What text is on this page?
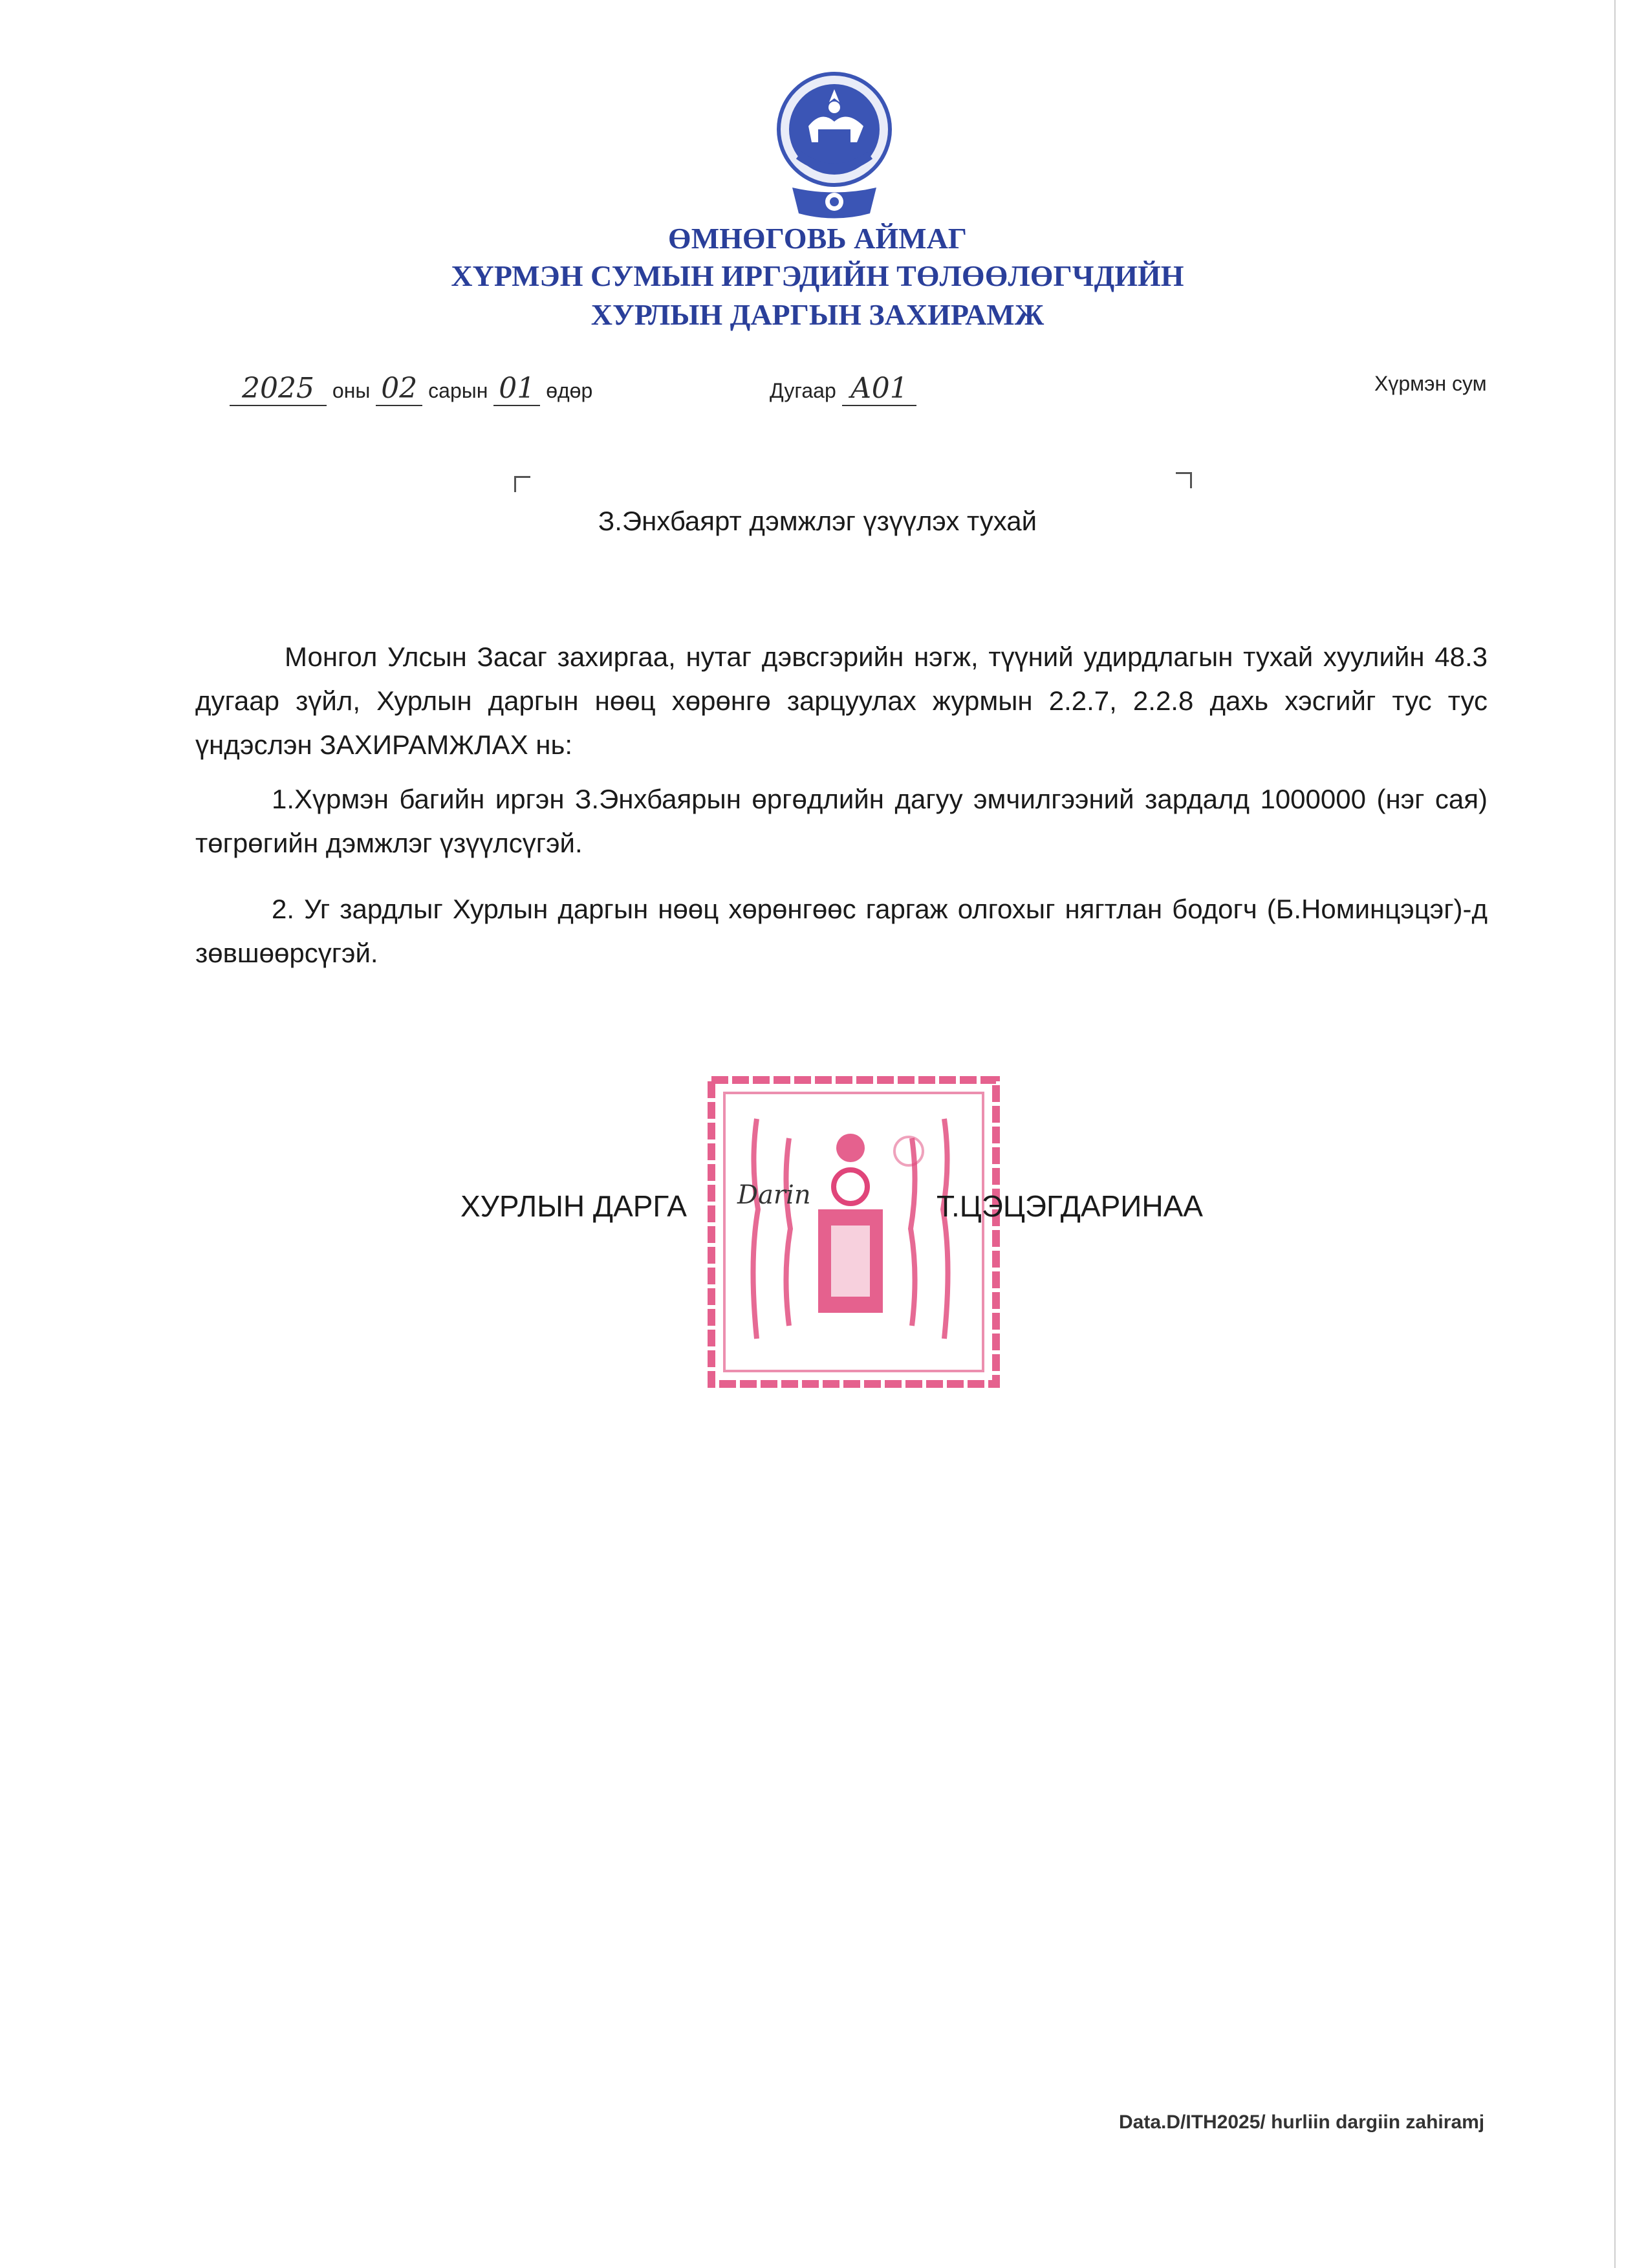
ӨМНӨГОВЬ АЙМАГ
ХҮРМЭН СУМЫН ИРГЭДИЙН ТӨЛӨӨЛӨГЧДИЙН
ХУРЛЫН ДАРГЫН ЗАХИРАМЖ
2025 оны 02 сарын 01 өдөр	Дугаар А01	Хүрмэн сум
З.Энхбаярт дэмжлэг үзүүлэх тухай
Монгол Улсын Засаг захиргаа, нутаг дэвсгэрийн нэгж, түүний удирдлагын тухай хуулийн 48.3 дугаар зүйл, Хурлын даргын нөөц хөрөнгө зарцуулах журмын 2.2.7, 2.2.8 дахь хэсгийг тус тус үндэслэн ЗАХИРАМЖЛАХ нь:
1.Хүрмэн багийн иргэн З.Энхбаярын өргөдлийн дагуу эмчилгээний зардалд 1000000 (нэг сая) төгрөгийн дэмжлэг үзүүлсүгэй.
2. Уг зардлыг Хурлын даргын нөөц хөрөнгөөс гаргаж олгохыг нягтлан бодогч (Б.Номинцэцэг)-д зөвшөөрсүгэй.
ХУРЛЫН ДАРГА Darin	Т.ЦЭЦЭГДАРИНАА
Data.D/ITH2025/ hurliin dargiin zahiramj
